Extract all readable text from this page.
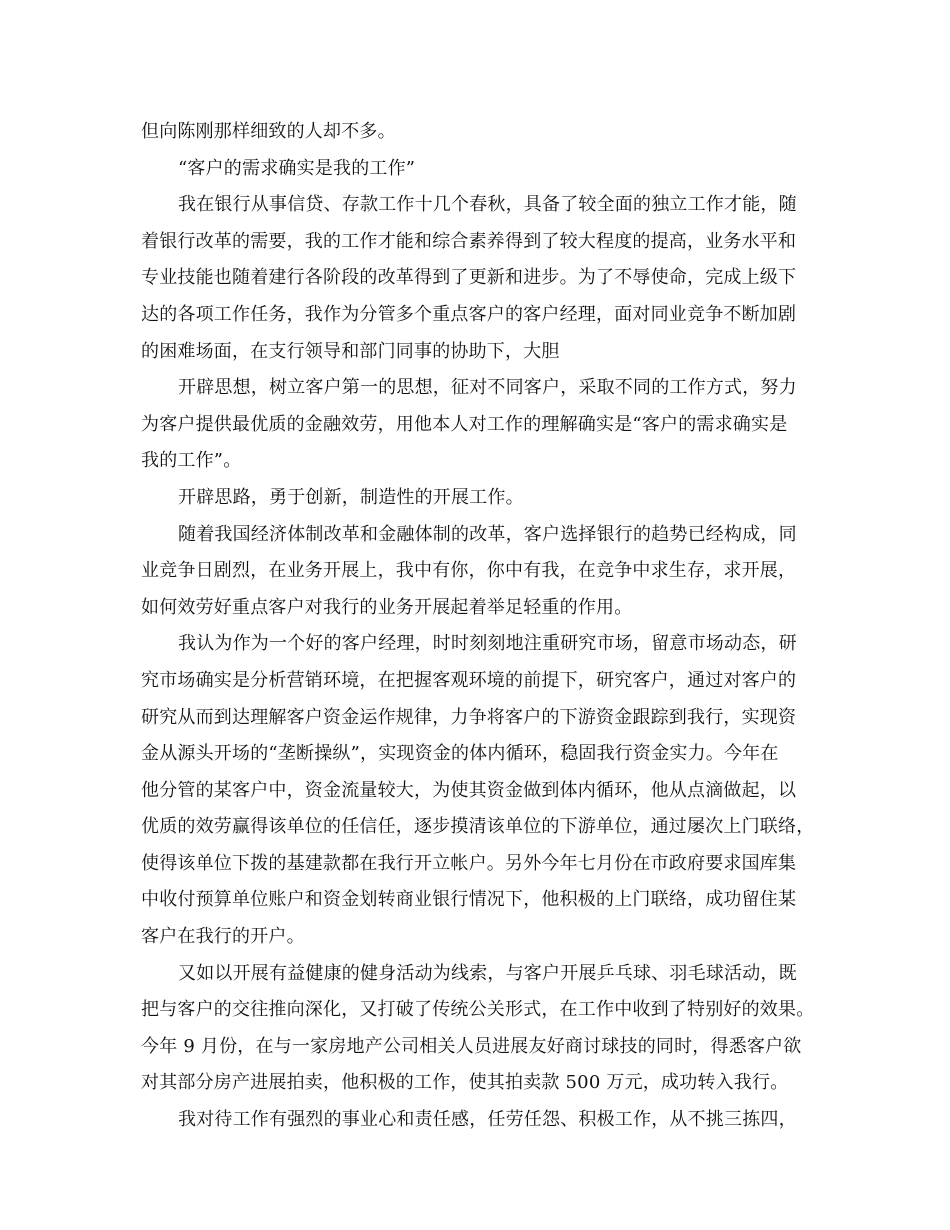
但向陈刚那样细致的人却不多。
“客户的需求确实是我的工作”
我在银行从事信贷、存款工作十几个春秋，具备了较全面的独立工作才能，随
着银行改革的需要，我的工作才能和综合素养得到了较大程度的提高，业务水平和
专业技能也随着建行各阶段的改革得到了更新和进步。为了不辱使命，完成上级下
达的各项工作任务，我作为分管多个重点客户的客户经理，面对同业竞争不断加剧
的困难场面，在支行领导和部门同事的协助下，大胆
开辟思想，树立客户第一的思想，征对不同客户，采取不同的工作方式，努力
为客户提供最优质的金融效劳，用他本人对工作的理解确实是“客户的需求确实是
我的工作”。
开辟思路，勇于创新，制造性的开展工作。
随着我国经济体制改革和金融体制的改革，客户选择银行的趋势已经构成，同
业竞争日剧烈，在业务开展上，我中有你，你中有我，在竞争中求生存，求开展，
如何效劳好重点客户对我行的业务开展起着举足轻重的作用。
我认为作为一个好的客户经理，时时刻刻地注重研究市场，留意市场动态，研
究市场确实是分析营销环境，在把握客观环境的前提下，研究客户，通过对客户的
研究从而到达理解客户资金运作规律，力争将客户的下游资金跟踪到我行，实现资
金从源头开场的“垄断操纵”，实现资金的体内循环，稳固我行资金实力。今年在
他分管的某客户中，资金流量较大，为使其资金做到体内循环，他从点滴做起，以
优质的效劳赢得该单位的任信任，逐步摸清该单位的下游单位，通过屡次上门联络，
使得该单位下拨的基建款都在我行开立帐户。另外今年七月份在市政府要求国库集
中收付预算单位账户和资金划转商业银行情况下，他积极的上门联络，成功留住某
客户在我行的开户。
又如以开展有益健康的健身活动为线索，与客户开展乒乓球、羽毛球活动，既
把与客户的交往推向深化，又打破了传统公关形式，在工作中收到了特别好的效果。
今年 9 月份，在与一家房地产公司相关人员进展友好商讨球技的同时，得悉客户欲
对其部分房产进展拍卖，他积极的工作，使其拍卖款 500 万元，成功转入我行。
我对待工作有强烈的事业心和责任感，任劳任怨、积极工作，从不挑三拣四，
